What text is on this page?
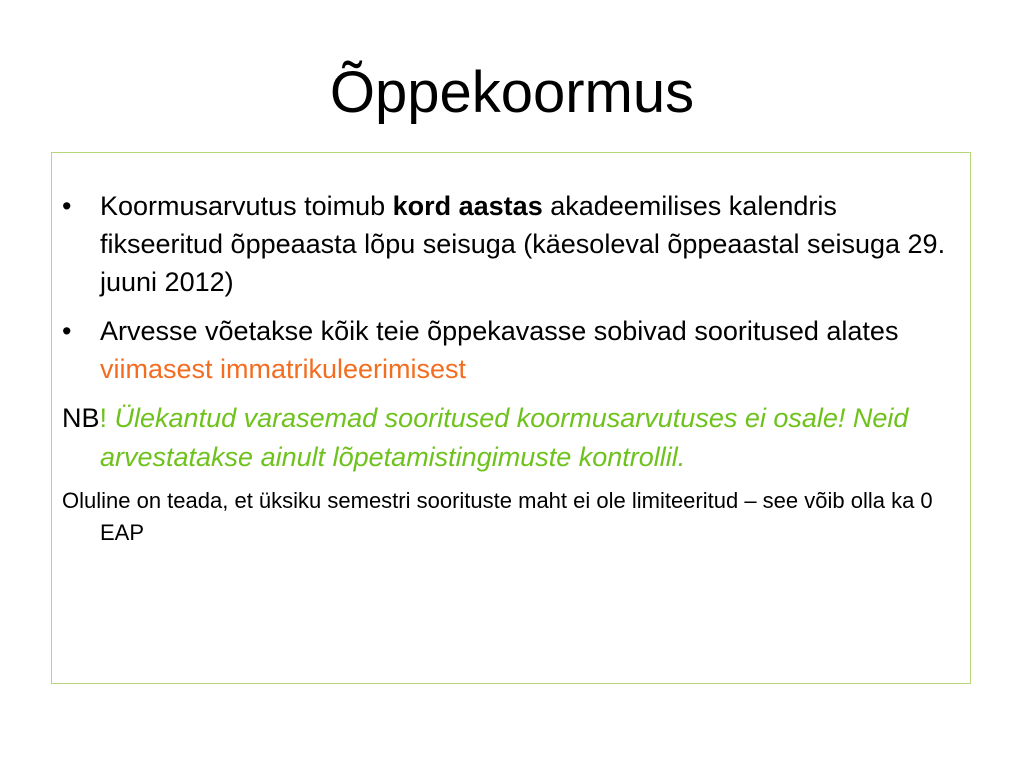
Õppekoormus
•	Koormusarvutus toimub kord aastas akadeemilises kalendris fikseeritud õppeaasta lõpu seisuga (käesoleval õppeaastal seisuga 29. juuni 2012)
•	Arvesse võetakse kõik teie õppekavasse sobivad sooritused alates viimasest immatrikuleerimisest

NB! Ülekantud varasemad sooritused koormusarvutuses ei osale! Neid arvestatakse ainult lõpetamistingimuste kontrollil.

Oluline on teada, et üksiku semestri soorituste maht ei ole limiteeritud – see võib olla ka 0 EAP
